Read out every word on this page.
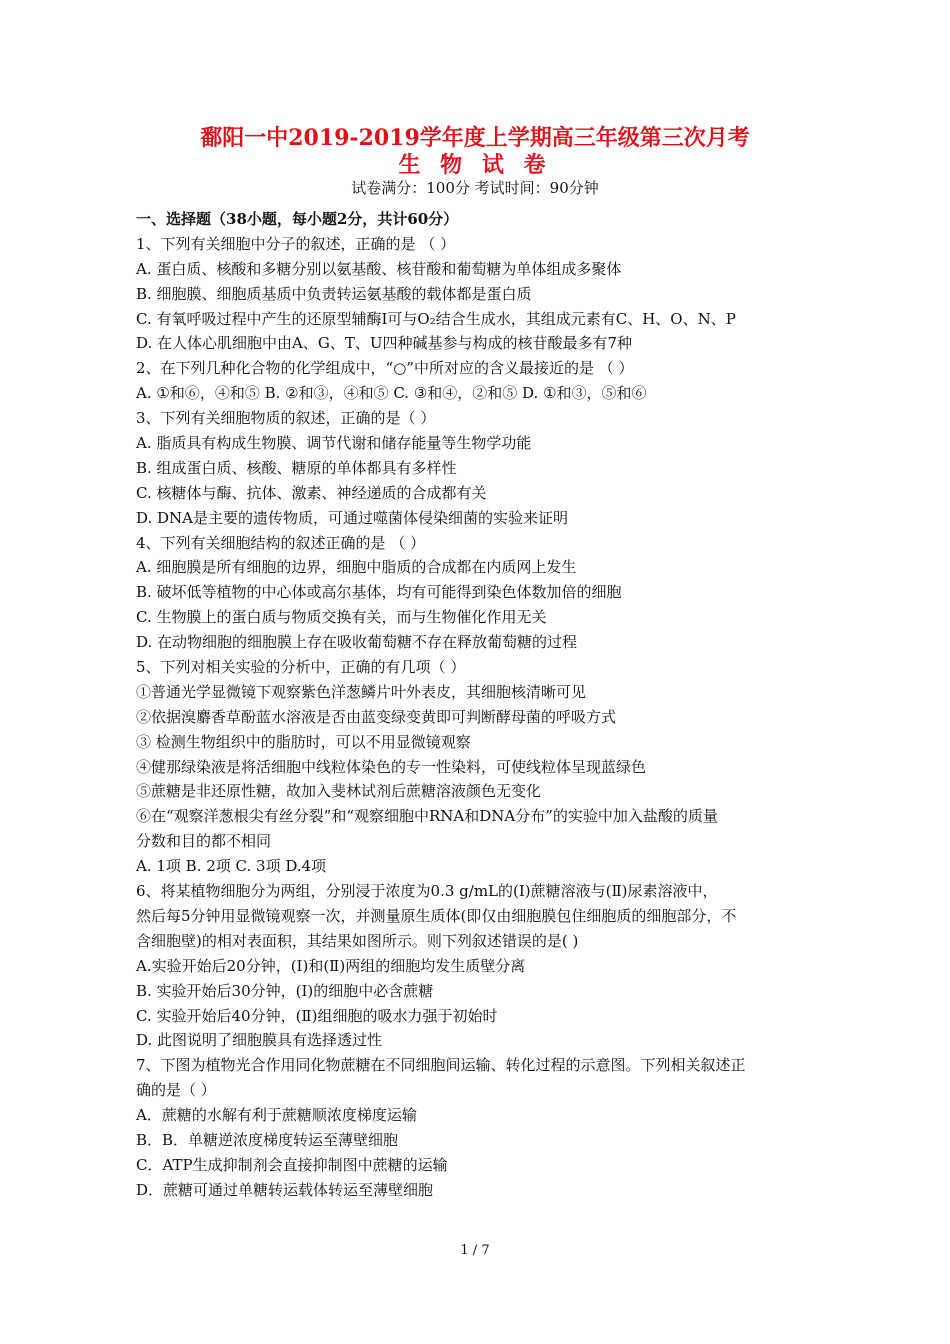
鄱阳一中2019-2019学年度上学期高三年级第三次月考
生 物 试 卷
试卷满分：100分 考试时间：90分钟
一、选择题（38小题，每小题2分，共计60分）
1、下列有关细胞中分子的叙述，正确的是 （ ）
A. 蛋白质、核酸和多糖分别以氨基酸、核苷酸和葡萄糖为单体组成多聚体
B. 细胞膜、细胞质基质中负责转运氨基酸的载体都是蛋白质
C. 有氧呼吸过程中产生的还原型辅酶Ⅰ可与O₂结合生成水，其组成元素有C、H、O、N、P
D. 在人体心肌细胞中由A、G、T、U四种碱基参与构成的核苷酸最多有7种
2、在下列几种化合物的化学组成中，“○”中所对应的含义最接近的是 （ ）
A. ①和⑥，④和⑤ B. ②和③，④和⑤ C. ③和④，②和⑤ D. ①和③，⑤和⑥
3、下列有关细胞物质的叙述，正确的是（ ）
A. 脂质具有构成生物膜、调节代谢和储存能量等生物学功能
B. 组成蛋白质、核酸、糖原的单体都具有多样性
C. 核糖体与酶、抗体、激素、神经递质的合成都有关
D. DNA是主要的遗传物质，可通过噬菌体侵染细菌的实验来证明
4、下列有关细胞结构的叙述正确的是 （ ）
A. 细胞膜是所有细胞的边界，细胞中脂质的合成都在内质网上发生
B. 破坏低等植物的中心体或高尔基体，均有可能得到染色体数加倍的细胞
C. 生物膜上的蛋白质与物质交换有关，而与生物催化作用无关
D. 在动物细胞的细胞膜上存在吸收葡萄糖不存在释放葡萄糖的过程
5、下列对相关实验的分析中，正确的有几项（ ）
①普通光学显微镜下观察紫色洋葱鳞片叶外表皮，其细胞核清晰可见
②依据溴麝香草酚蓝水溶液是否由蓝变绿变黄即可判断酵母菌的呼吸方式
③ 检测生物组织中的脂肪时，可以不用显微镜观察
④健那绿染液是将活细胞中线粒体染色的专一性染料，可使线粒体呈现蓝绿色
⑤蔗糖是非还原性糖，故加入斐林试剂后蔗糖溶液颜色无变化
⑥在“观察洋葱根尖有丝分裂”和“观察细胞中RNA和DNA分布”的实验中加入盐酸的质量
分数和目的都不相同
A. 1项 B. 2项 C. 3项 D.4项
6、将某植物细胞分为两组，分别浸于浓度为0.3 g/mL的(Ⅰ)蔗糖溶液与(Ⅱ)尿素溶液中，
然后每5分钟用显微镜观察一次，并测量原生质体(即仅由细胞膜包住细胞质的细胞部分，不
含细胞壁)的相对表面积，其结果如图所示。则下列叙述错误的是( )
A.实验开始后20分钟，(Ⅰ)和(Ⅱ)两组的细胞均发生质壁分离
B. 实验开始后30分钟，(Ⅰ)的细胞中必含蔗糖
C. 实验开始后40分钟，(Ⅱ)组细胞的吸水力强于初始时
D. 此图说明了细胞膜具有选择透过性
7、下图为植物光合作用同化物蔗糖在不同细胞间运输、转化过程的示意图。下列相关叙述正
确的是（ ）
A．蔗糖的水解有利于蔗糖顺浓度梯度运输
B．B．单糖逆浓度梯度转运至薄壁细胞
C．ATP生成抑制剂会直接抑制图中蔗糖的运输
D．蔗糖可通过单糖转运载体转运至薄壁细胞
1 / 7
